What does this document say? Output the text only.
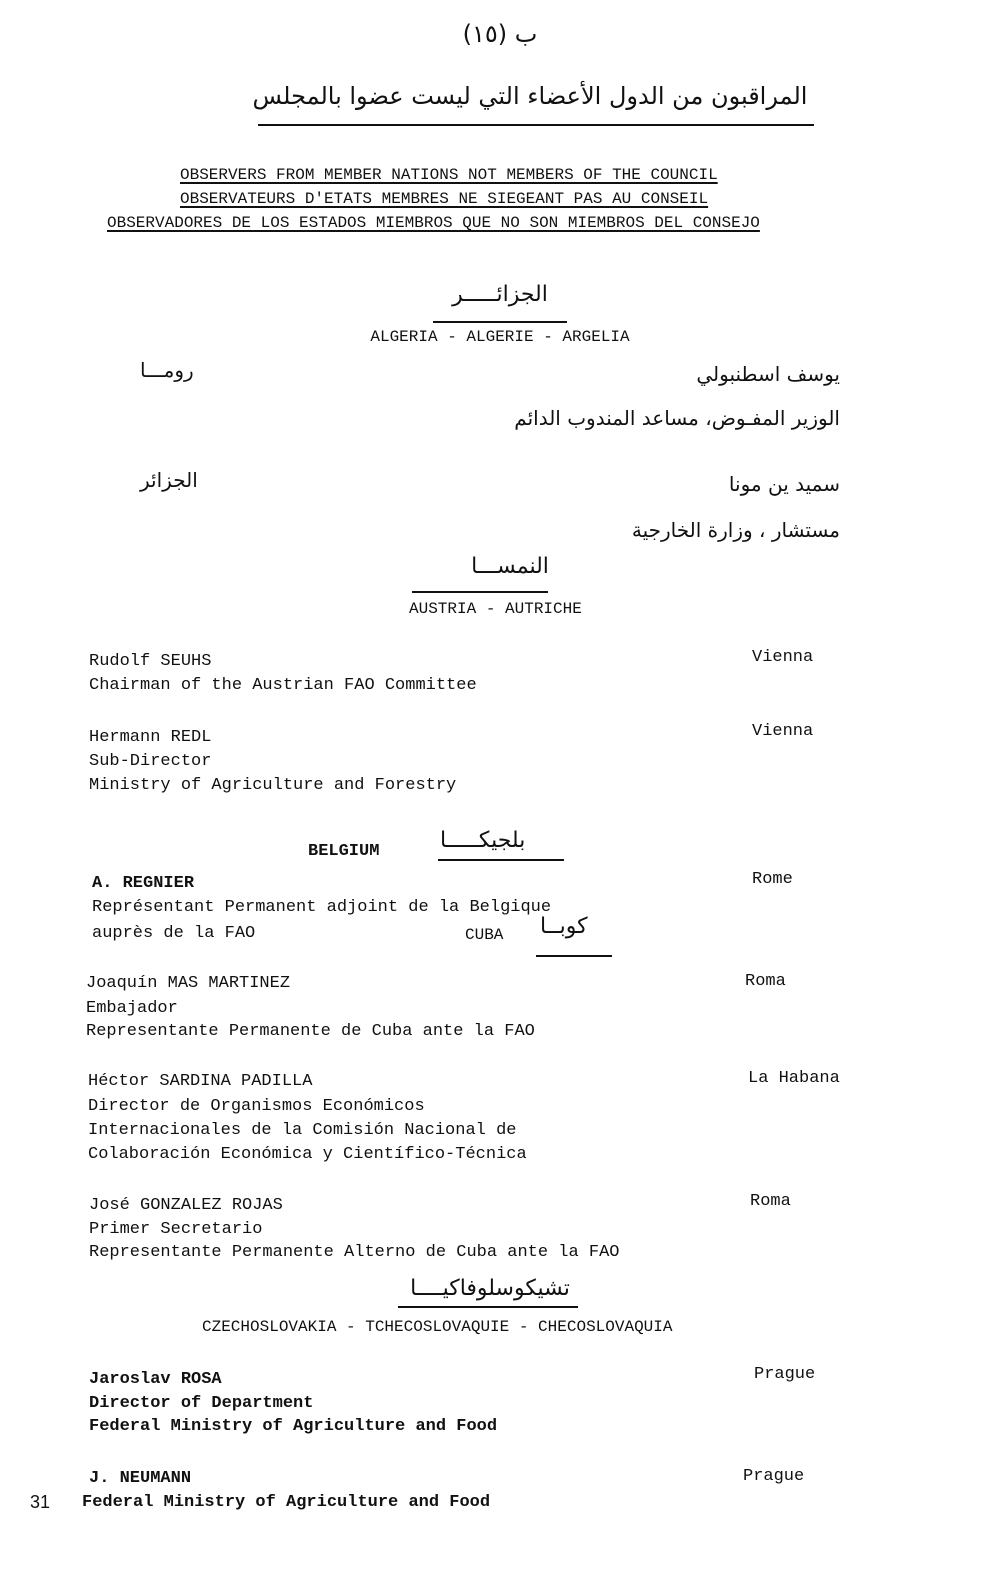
ب (١٥)
المراقبون من الدول الأعضاء التي ليست عضوا بالمجلس
OBSERVERS FROM MEMBER NATIONS NOT MEMBERS OF THE COUNCIL
OBSERVATEURS D'ETATS MEMBRES NE SIEGEANT PAS AU CONSEIL
OBSERVADORES DE LOS ESTADOS MIEMBROS QUE NO SON MIEMBROS DEL CONSEJO
الجزائـــــر
ALGERIA - ALGERIE - ARGELIA
رومـــا	يوسف اسطنبولي
الوزير المفـوض، مساعد المندوب الدائم
الجزائر	سميد ين مونا
مستشار ، وزارة الخارجية
النمســـا
AUSTRIA - AUTRICHE
Rudolf SEUHS
Chairman of the Austrian FAO Committee
Vienna
Hermann REDL
Sub-Director
Ministry of Agriculture and Forestry
Vienna
BELGIUM	بلجيكـــــا
A. REGNIER
Représentant Permanent adjoint de la Belgique
auprès de la FAO
Rome
CUBA كوبــا
Joaquín MAS MARTINEZ
Embajador
Representante Permanente de Cuba ante la FAO
Roma
Héctor SARDINA PADILLA
Director de Organismos Económicos
Internacionales de la Comisión Nacional de
Colaboración Económica y Científico-Técnica
La Habana
José GONZALEZ ROJAS
Primer Secretario
Representante Permanente Alterno de Cuba ante la FAO
Roma
تشيكوسلوفاكيــــا
CZECHOSLOVAKIA - TCHECOSLOVAQUIE - CHECOSLOVAQUIA
Jaroslav ROSA
Director of Department
Federal Ministry of Agriculture and Food
Prague
J. NEUMANN
Federal Ministry of Agriculture and Food
Prague
31
